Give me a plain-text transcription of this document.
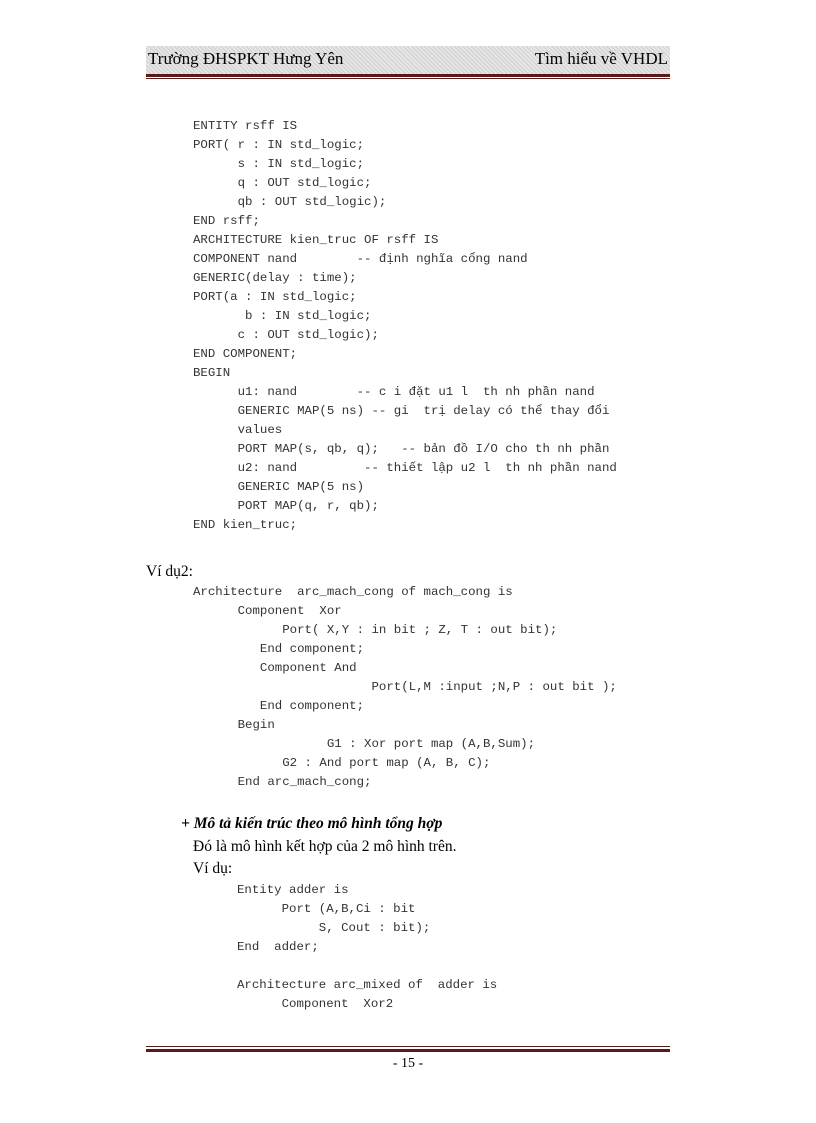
Trường ĐHSPKT Hưng Yên	Tìm hiểu về VHDL
ENTITY rsff IS
PORT( r : IN std_logic;
s : IN std_logic;
q : OUT std_logic;
qb : OUT std_logic);
END rsff;
ARCHITECTURE kien_truc OF rsff IS
COMPONENT nand        -- định nghĩa cổng nand
GENERIC(delay : time);
PORT(a : IN std_logic;
b : IN std_logic;
c : OUT std_logic);
END COMPONENT;
BEGIN
u1: nand        -- c i đặt u1 l  th nh phần nand
GENERIC MAP(5 ns) -- gi  trị delay có thể thay đổi
values
PORT MAP(s, qb, q);   -- bản đồ I/O cho th nh phần
u2: nand         -- thiết lập u2 l  th nh phần nand
GENERIC MAP(5 ns)
PORT MAP(q, r, qb);
END kien_truc;
Ví dụ2:
Architecture  arc_mach_cong of mach_cong is
Component  Xor
Port( X,Y : in bit ; Z, T : out bit);
End component;
Component And
Port(L,M :input ;N,P : out bit );
End component;
Begin
G1 : Xor port map (A,B,Sum);
G2 : And port map (A, B, C);
End arc_mach_cong;
+ Mô tả kiến trúc theo mô hình tổng hợp
Đó là mô hình kết hợp của 2 mô hình trên.
Ví dụ:
Entity adder is
Port (A,B,Ci : bit
S, Cout : bit);
End  adder;
Architecture arc_mixed of  adder is
Component  Xor2
- 15 -
